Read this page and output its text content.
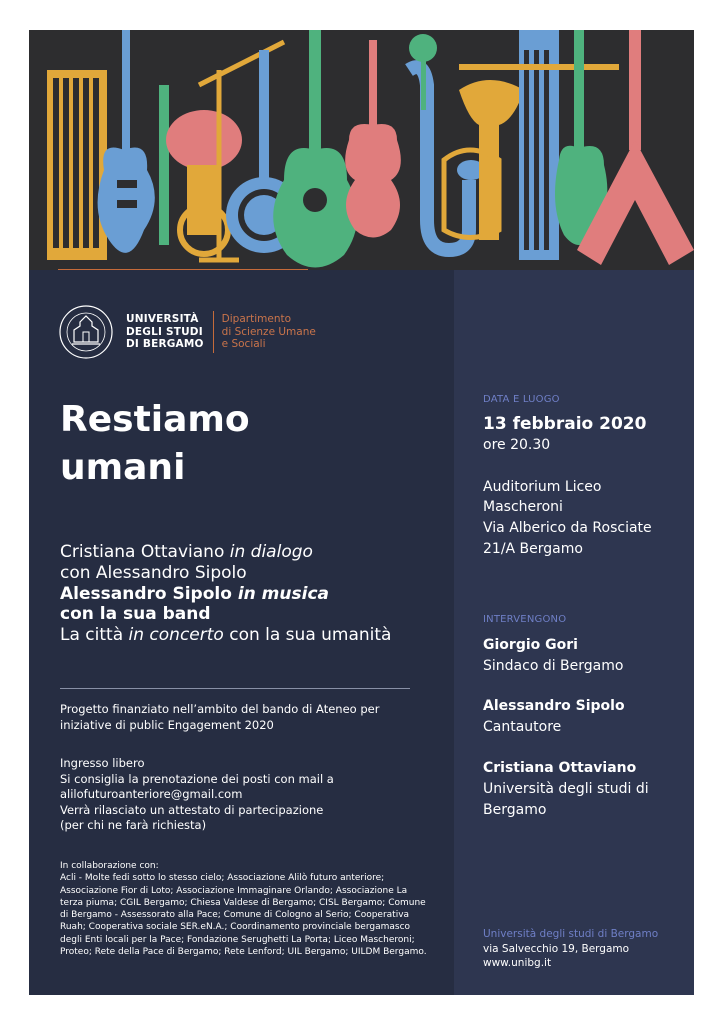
UNIVERSITÀ
DEGLI STUDI
DI BERGAMO
Dipartimento
di Scienze Umane
e Sociali
Restiamo
umani
Cristiana Ottaviano in dialogo
con Alessandro Sipolo
Alessandro Sipolo in musica
con la sua band
La città in concerto con la sua umanità
Progetto finanziato nell’ambito del bando di Ateneo per
iniziative di public Engagement 2020
Ingresso libero
Si consiglia la prenotazione dei posti con mail a
alilofuturoanteriore@gmail.com
Verrà rilasciato un attestato di partecipazione
(per chi ne farà richiesta)
In collaborazione con:
Acli - Molte fedi sotto lo stesso cielo; Associazione Alilò futuro anteriore; Associazione Fior di Loto; Associazione Immaginare Orlando; Associazione La terza piuma; CGIL Bergamo; Chiesa Valdese di Bergamo; CISL Bergamo; Comune di Bergamo - Assessorato alla Pace; Comune di Cologno al Serio; Cooperativa Ruah; Cooperativa sociale SER.eN.A.; Coordinamento provinciale bergamasco degli Enti locali per la Pace; Fondazione Serughetti La Porta; Liceo Mascheroni; Proteo; Rete della Pace di Bergamo; Rete Lenford; UIL Bergamo; UILDM Bergamo.
DATA E LUOGO
13 febbraio 2020
ore 20.30
Auditorium Liceo
Mascheroni
Via Alberico da Rosciate
21/A Bergamo
INTERVENGONO
Giorgio Gori
Sindaco di Bergamo
Alessandro Sipolo
Cantautore
Cristiana Ottaviano
Università degli studi di
Bergamo
Università degli studi di Bergamo
via Salvecchio 19, Bergamo
www.unibg.it
